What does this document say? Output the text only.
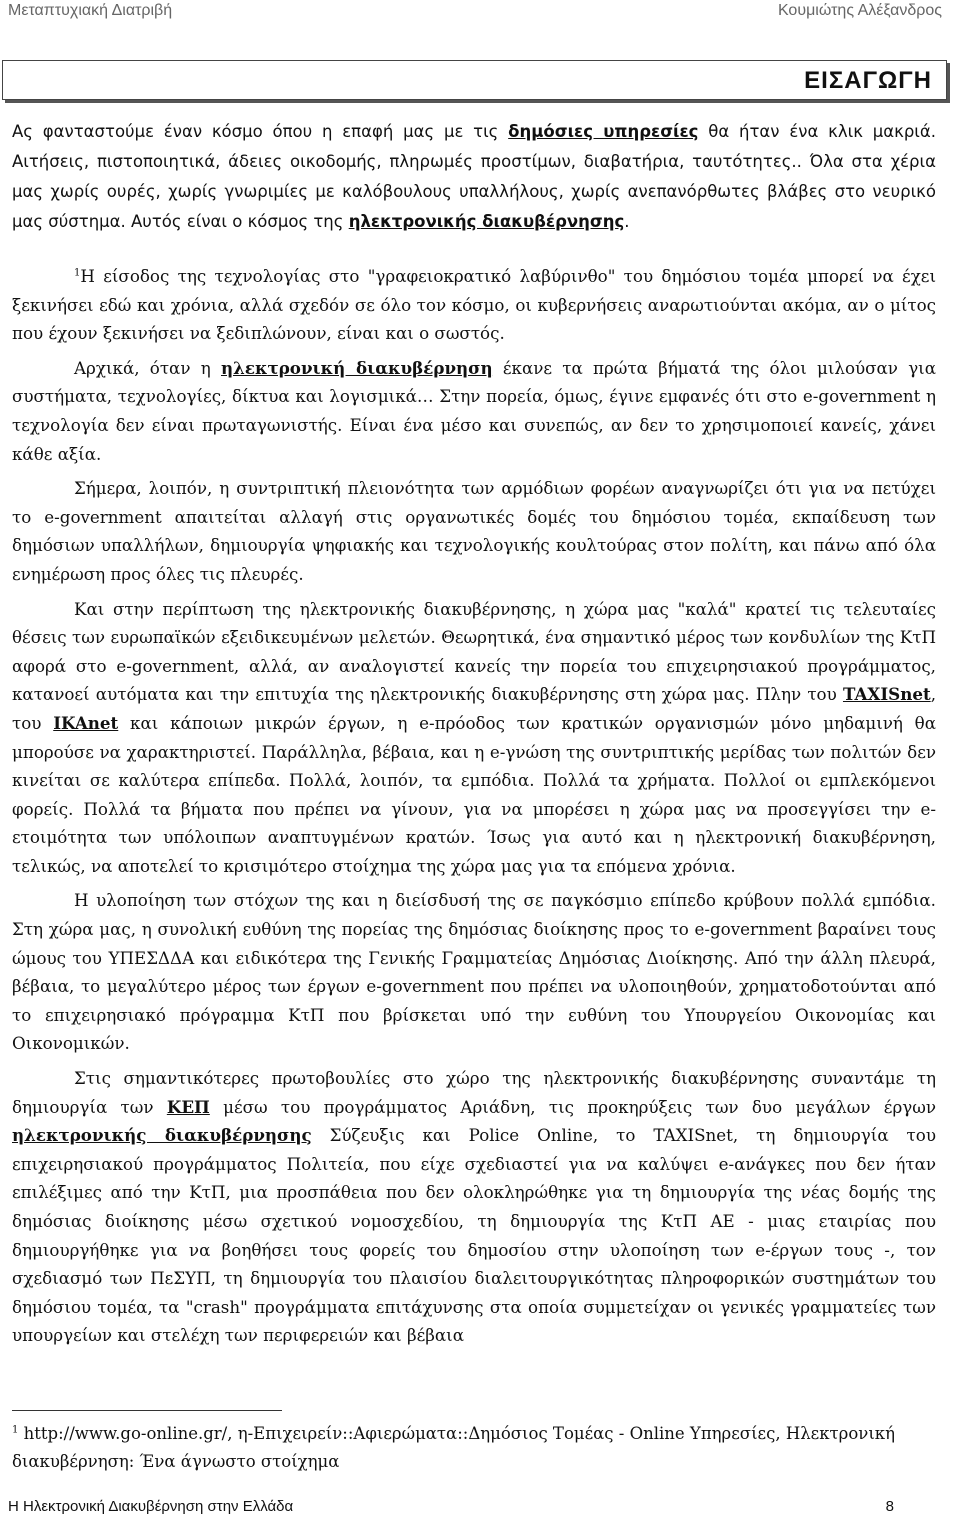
Μεταπτυχιακή Διατριβή	Κουμιώτης Αλέξανδρος
ΕΙΣΑΓΩΓΗ
Ας φανταστούμε έναν κόσμο όπου η επαφή μας με τις δημόσιες υπηρεσίες θα ήταν ένα κλικ μακριά. Αιτήσεις, πιστοποιητικά, άδειες οικοδομής, πληρωμές προστίμων, διαβατήρια, ταυτότητες.. Όλα στα χέρια μας χωρίς ουρές, χωρίς γνωριμίες με καλόβουλους υπαλλήλους, χωρίς ανεπανόρθωτες βλάβες στο νευρικό μας σύστημα. Αυτός είναι ο κόσμος της ηλεκτρονικής διακυβέρνησης.

$^1$Η είσοδος της τεχνολογίας στο "γραφειοκρατικό λαβύρινθο" του δημόσιου τομέα μπορεί να έχει ξεκινήσει εδώ και χρόνια, αλλά σχεδόν σε όλο τον κόσμο, οι κυβερνήσεις αναρωτιούνται ακόμα, αν ο μίτος που έχουν ξεκινήσει να ξεδιπλώνουν, είναι και ο σωστός.

Αρχικά, όταν η ηλεκτρονική διακυβέρνηση έκανε τα πρώτα βήματά της όλοι μιλούσαν για συστήματα, τεχνολογίες, δίκτυα και λογισμικά… Στην πορεία, όμως, έγινε εμφανές ότι στο e-government η τεχνολογία δεν είναι πρωταγωνιστής. Είναι ένα μέσο και συνεπώς, αν δεν το χρησιμοποιεί κανείς, χάνει κάθε αξία.

Σήμερα, λοιπόν, η συντριπτική πλειονότητα των αρμόδιων φορέων αναγνωρίζει ότι για να πετύχει το e-government απαιτείται αλλαγή στις οργανωτικές δομές του δημόσιου τομέα, εκπαίδευση των δημόσιων υπαλλήλων, δημιουργία ψηφιακής και τεχνολογικής κουλτούρας στον πολίτη, και πάνω από όλα ενημέρωση προς όλες τις πλευρές.

Και στην περίπτωση της ηλεκτρονικής διακυβέρνησης, η χώρα μας "καλά" κρατεί τις τελευταίες θέσεις των ευρωπαϊκών εξειδικευμένων μελετών. Θεωρητικά, ένα σημαντικό μέρος των κονδυλίων της ΚτΠ αφορά στο e-government, αλλά, αν αναλογιστεί κανείς την πορεία του επιχειρησιακού προγράμματος, κατανοεί αυτόματα και την επιτυχία της ηλεκτρονικής διακυβέρνησης στη χώρα μας. Πλην του TAXISnet, του IKAnet και κάποιων μικρών έργων, η e-πρόοδος των κρατικών οργανισμών μόνο μηδαμινή θα μπορούσε να χαρακτηριστεί. Παράλληλα, βέβαια, και η e-γνώση της συντριπτικής μερίδας των πολιτών δεν κινείται σε καλύτερα επίπεδα. Πολλά, λοιπόν, τα εμπόδια. Πολλά τα χρήματα. Πολλοί οι εμπλεκόμενοι φορείς. Πολλά τα βήματα που πρέπει να γίνουν, για να μπορέσει η χώρα μας να προσεγγίσει την e-ετοιμότητα των υπόλοιπων αναπτυγμένων κρατών. Ίσως για αυτό και η ηλεκτρονική διακυβέρνηση, τελικώς, να αποτελεί το κρισιμότερο στοίχημα της χώρα μας για τα επόμενα χρόνια.

Η υλοποίηση των στόχων της και η διείσδυσή της σε παγκόσμιο επίπεδο κρύβουν πολλά εμπόδια. Στη χώρα μας, η συνολική ευθύνη της πορείας της δημόσιας διοίκησης προς το e-government βαραίνει τους ώμους του ΥΠΕΣΔΔΑ και ειδικότερα της Γενικής Γραμματείας Δημόσιας Διοίκησης. Από την άλλη πλευρά, βέβαια, το μεγαλύτερο μέρος των έργων e-government που πρέπει να υλοποιηθούν, χρηματοδοτούνται από το επιχειρησιακό πρόγραμμα ΚτΠ που βρίσκεται υπό την ευθύνη του Υπουργείου Οικονομίας και Οικονομικών.

Στις σημαντικότερες πρωτοβουλίες στο χώρο της ηλεκτρονικής διακυβέρνησης συναντάμε τη δημιουργία των ΚΕΠ μέσω του προγράμματος Αριάδνη, τις προκηρύξεις των δυο μεγάλων έργων ηλεκτρονικής διακυβέρνησης Σύζευξις και Police Online, το TAXISnet, τη δημιουργία του επιχειρησιακού προγράμματος Πολιτεία, που είχε σχεδιαστεί για να καλύψει e-ανάγκες που δεν ήταν επιλέξιμες από την ΚτΠ, μια προσπάθεια που δεν ολοκληρώθηκε για τη δημιουργία της νέας δομής της δημόσιας διοίκησης μέσω σχετικού νομοσχεδίου, τη δημιουργία της ΚτΠ ΑΕ - μιας εταιρίας που δημιουργήθηκε για να βοηθήσει τους φορείς του δημοσίου στην υλοποίηση των e-έργων τους -, τον σχεδιασμό των ΠεΣΥΠ, τη δημιουργία του πλαισίου διαλειτουργικότητας πληροφορικών συστημάτων του δημόσιου τομέα, τα "crash" προγράμματα επιτάχυνσης στα οποία συμμετείχαν οι γενικές γραμματείες των υπουργείων και στελέχη των περιφερειών και βέβαια

$^1$ http://www.go-online.gr/, η-Επιχειρείν::Αφιερώματα::Δημόσιος Τομέας - Online Υπηρεσίες, Ηλεκτρονική διακυβέρνηση: Ένα άγνωστο στοίχημα
Η Ηλεκτρονική Διακυβέρνηση στην Ελλάδα	8
